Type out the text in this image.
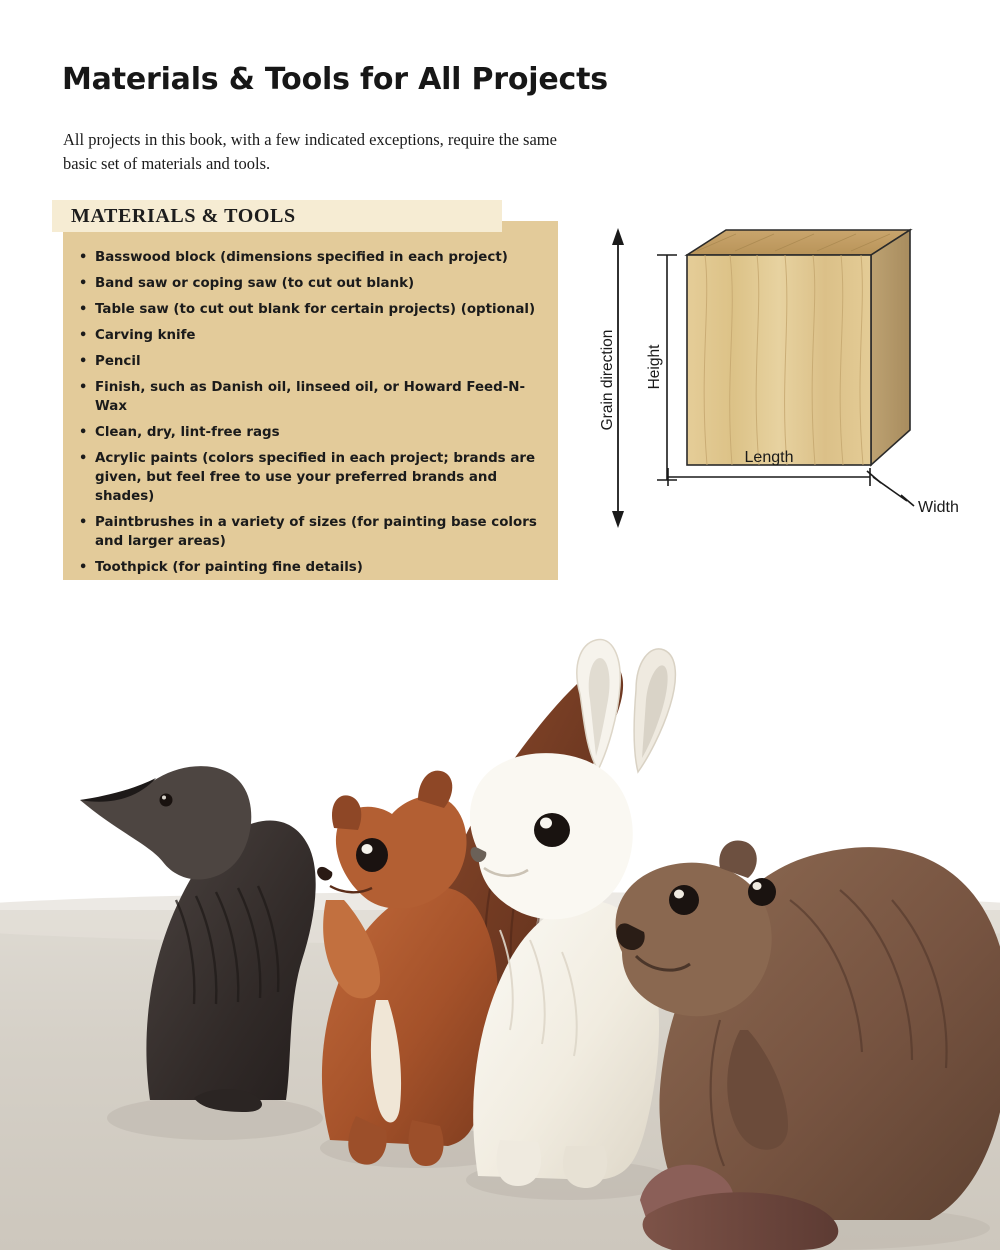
Materials & Tools for All Projects
All projects in this book, with a few indicated exceptions, require the same basic set of materials and tools.
MATERIALS & TOOLS
• Basswood block (dimensions specified in each project)
• Band saw or coping saw (to cut out blank)
• Table saw (to cut out blank for certain projects) (optional)
• Carving knife
• Pencil
• Finish, such as Danish oil, linseed oil, or Howard Feed-N-Wax
• Clean, dry, lint-free rags
• Acrylic paints (colors specified in each project; brands are given, but feel free to use your preferred brands and shades)
• Paintbrushes in a variety of sizes (for painting base colors and larger areas)
• Toothpick (for painting fine details)
Grain direction Height
Length
Width
